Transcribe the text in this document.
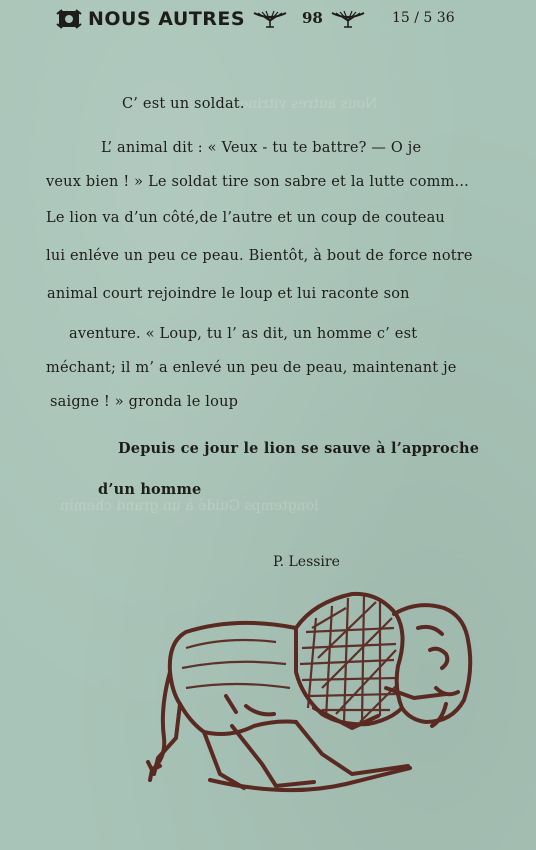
Nous autres vitrine
longtemps Guidé à un grand chemin
NOUS AUTRES	98	15 / 5 36
C’ est un soldat.
L’ animal dit : « Veux - tu te battre? — O je
veux bien ! » Le soldat tire son sabre et la lutte comm...
Le lion va d’un côté,de l’autre et un coup de couteau
lui enléve un peu ce peau. Bientôt, à bout de force notre
animal court rejoindre le loup et lui raconte son
aventure. « Loup, tu l’ as dit, un homme c’ est
méchant; il m’ a enlevé un peu de peau, maintenant je
saigne ! » gronda le loup
Depuis ce jour le lion se sauve à l’approche
d’un homme
P. Lessire
